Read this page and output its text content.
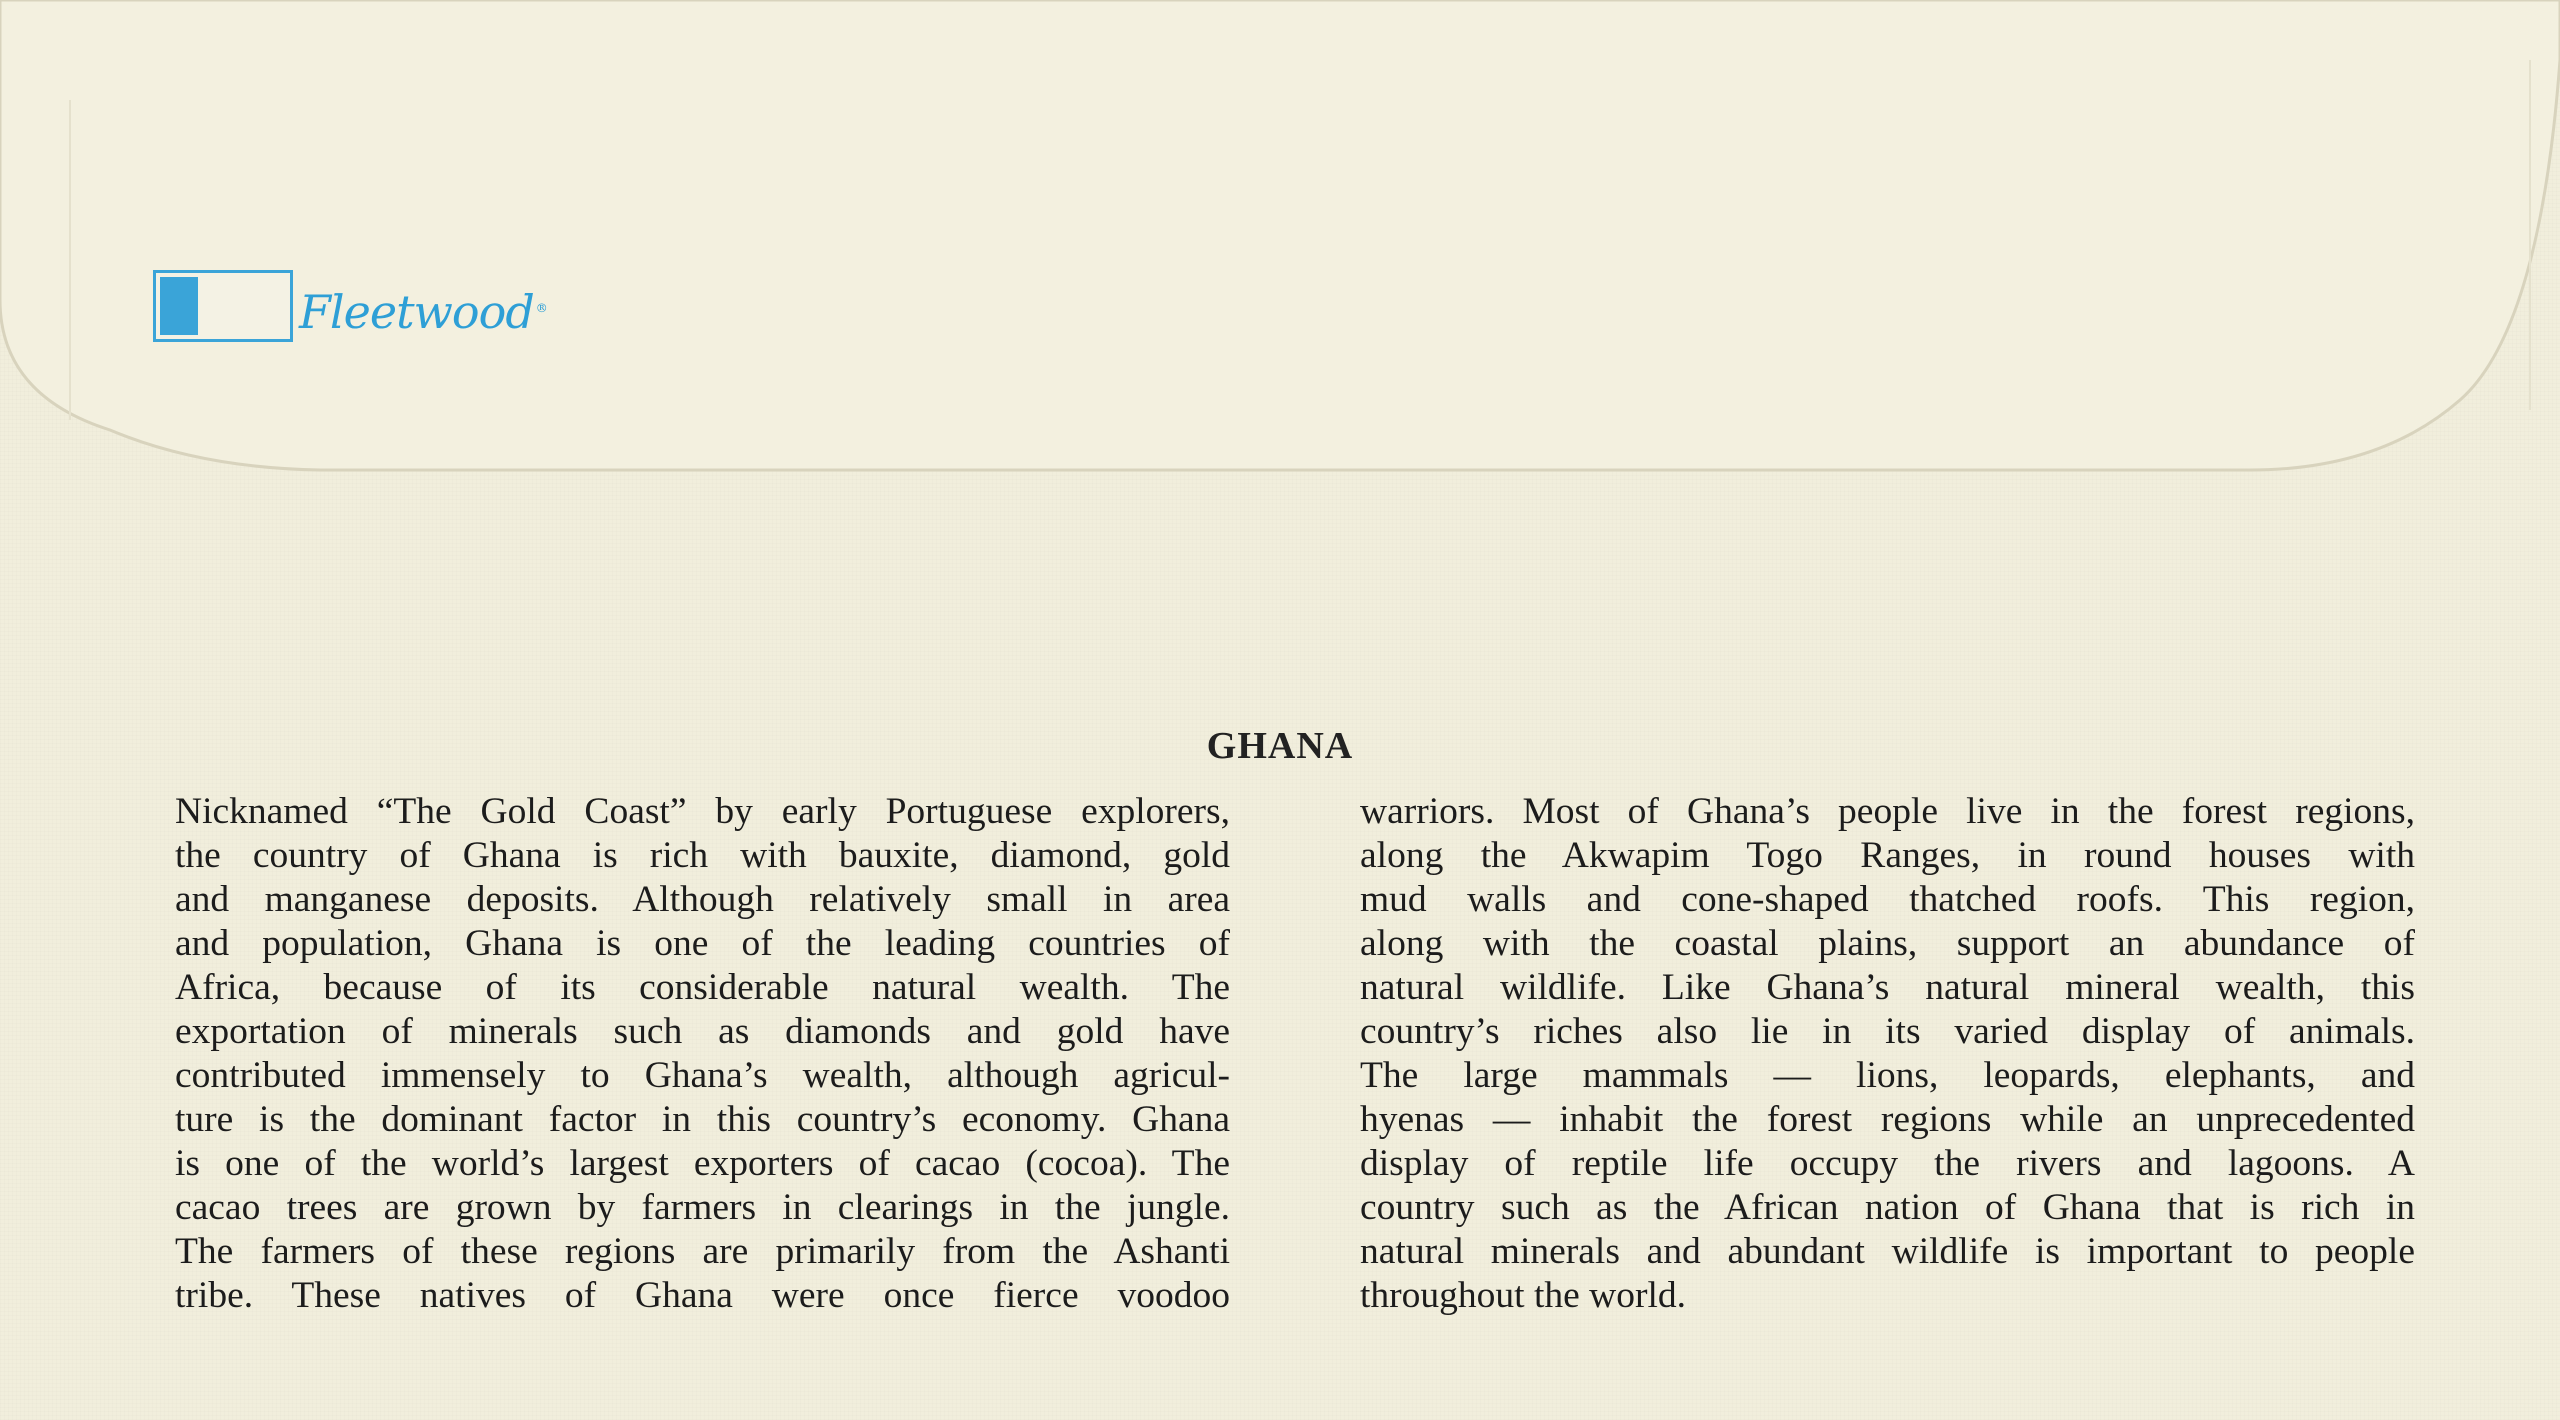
Fleetwood ®
GHANA
Nicknamed “The Gold Coast” by early Portuguese explorers,
the country of Ghana is rich with bauxite, diamond, gold
and manganese deposits. Although relatively small in area
and population, Ghana is one of the leading countries of
Africa, because of its considerable natural wealth. The
exportation of minerals such as diamonds and gold have
contributed immensely to Ghana’s wealth, although agricul-
ture is the dominant factor in this country’s economy. Ghana
is one of the world’s largest exporters of cacao (cocoa). The
cacao trees are grown by farmers in clearings in the jungle.
The farmers of these regions are primarily from the Ashanti
tribe. These natives of Ghana were once fierce voodoo
warriors. Most of Ghana’s people live in the forest regions,
along the Akwapim Togo Ranges, in round houses with
mud walls and cone-shaped thatched roofs. This region,
along with the coastal plains, support an abundance of
natural wildlife. Like Ghana’s natural mineral wealth, this
country’s riches also lie in its varied display of animals.
The large mammals — lions, leopards, elephants, and
hyenas — inhabit the forest regions while an unprecedented
display of reptile life occupy the rivers and lagoons. A
country such as the African nation of Ghana that is rich in
natural minerals and abundant wildlife is important to people
throughout the world.
